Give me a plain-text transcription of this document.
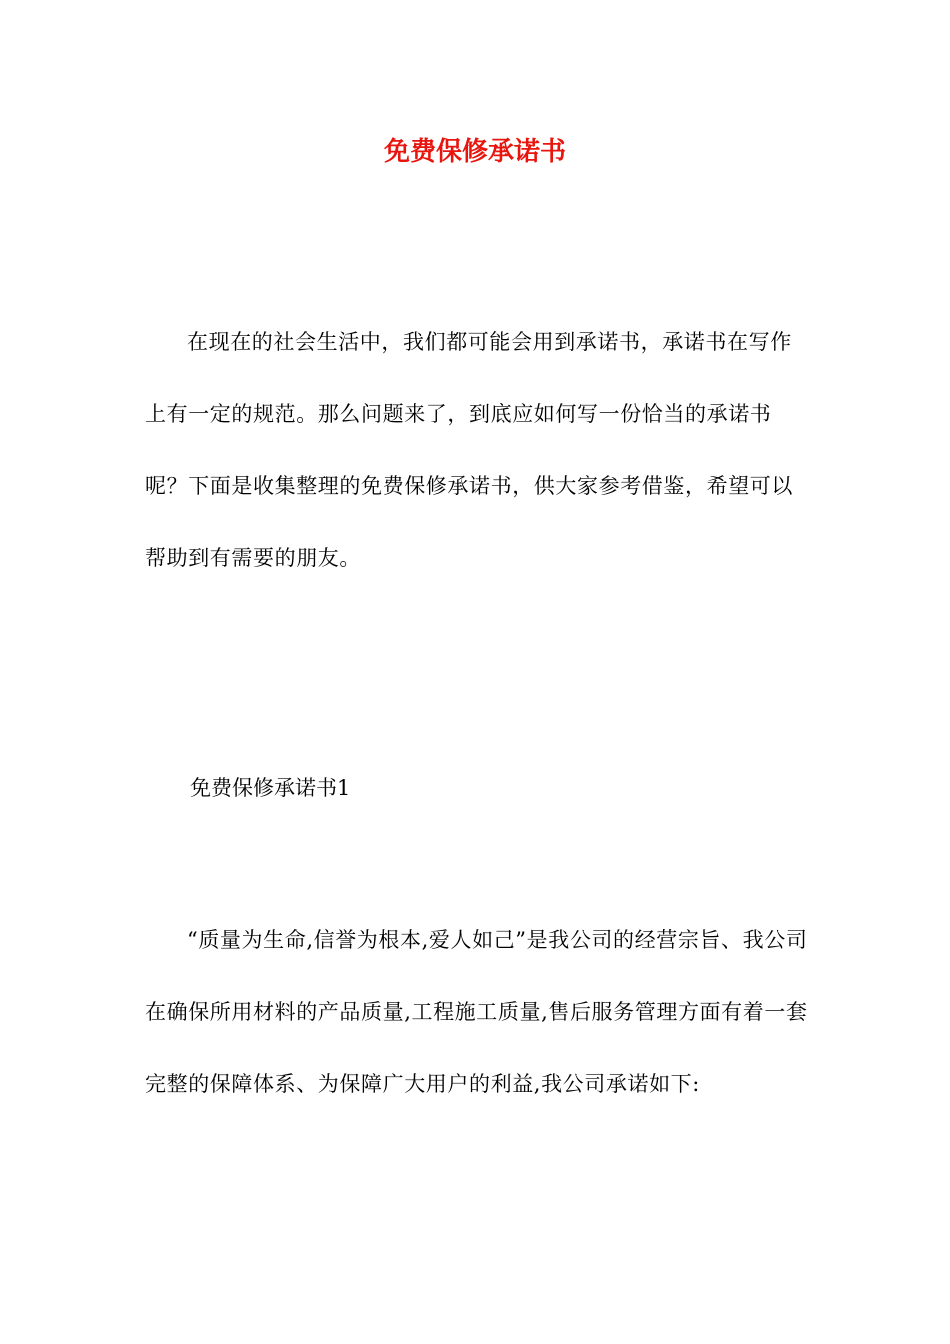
免费保修承诺书

在现在的社会生活中，我们都可能会用到承诺书，承诺书在写作上有一定的规范。那么问题来了，到底应如何写一份恰当的承诺书呢？下面是收集整理的免费保修承诺书，供大家参考借鉴，希望可以帮助到有需要的朋友。

免费保修承诺书1

“质量为生命,信誉为根本,爱人如己”是我公司的经营宗旨、我公司在确保所用材料的产品质量,工程施工质量,售后服务管理方面有着一套完整的保障体系、为保障广大用户的利益,我公司承诺如下:
